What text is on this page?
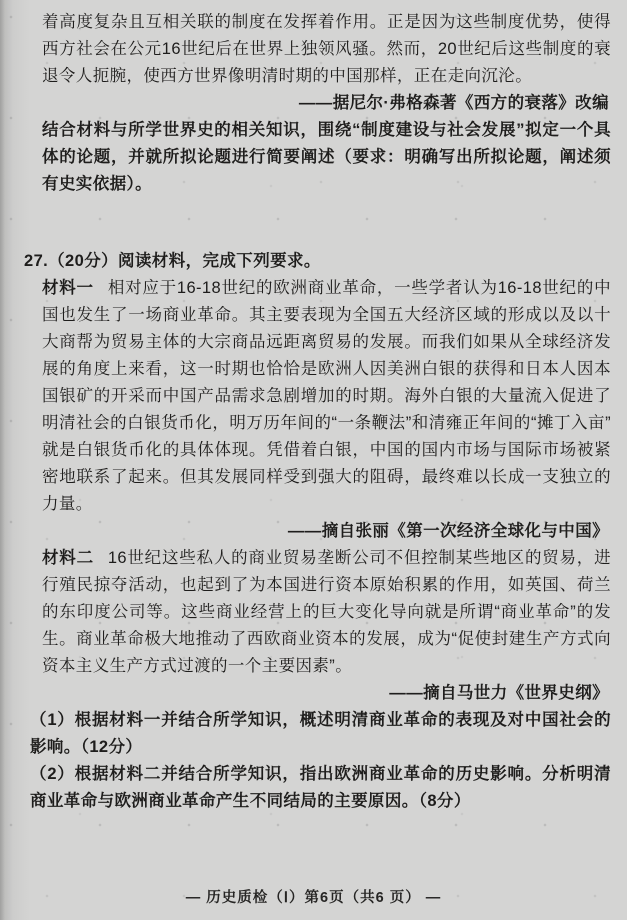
着高度复杂且互相关联的制度在发挥着作用。正是因为这些制度优势，使得西方社会在公元16世纪后在世界上独领风骚。然而，20世纪后这些制度的衰退令人扼腕，使西方世界像明清时期的中国那样，正在走向沉沦。

——据尼尔·弗格森著《西方的衰落》改编

结合材料与所学世界史的相关知识，围绕“制度建设与社会发展”拟定一个具体的论题，并就所拟论题进行简要阐述（要求：明确写出所拟论题，阐述须有史实依据）。

27.（20分）阅读材料，完成下列要求。

材料一 相对应于16-18世纪的欧洲商业革命，一些学者认为16-18世纪的中国也发生了一场商业革命。其主要表现为全国五大经济区域的形成以及以十大商帮为贸易主体的大宗商品远距离贸易的发展。而我们如果从全球经济发展的角度上来看，这一时期也恰恰是欧洲人因美洲白银的获得和日本人因本国银矿的开采而中国产品需求急剧增加的时期。海外白银的大量流入促进了明清社会的白银货币化，明万历年间的“一条鞭法”和清雍正年间的“摊丁入亩”就是白银货币化的具体体现。凭借着白银，中国的国内市场与国际市场被紧密地联系了起来。但其发展同样受到强大的阻碍，最终难以长成一支独立的力量。

——摘自张丽《第一次经济全球化与中国》

材料二 16世纪这些私人的商业贸易垄断公司不但控制某些地区的贸易，进行殖民掠夺活动，也起到了为本国进行资本原始积累的作用，如英国、荷兰的东印度公司等。这些商业经营上的巨大变化导向就是所谓“商业革命”的发生。商业革命极大地推动了西欧商业资本的发展，成为“促使封建生产方式向资本主义生产方式过渡的一个主要因素”。

——摘自马世力《世界史纲》

（1）根据材料一并结合所学知识，概述明清商业革命的表现及对中国社会的影响。（12分）

（2）根据材料二并结合所学知识，指出欧洲商业革命的历史影响。分析明清商业革命与欧洲商业革命产生不同结局的主要原因。（8分）

— 历史质检（Ⅰ）第6页（共6 页） —
